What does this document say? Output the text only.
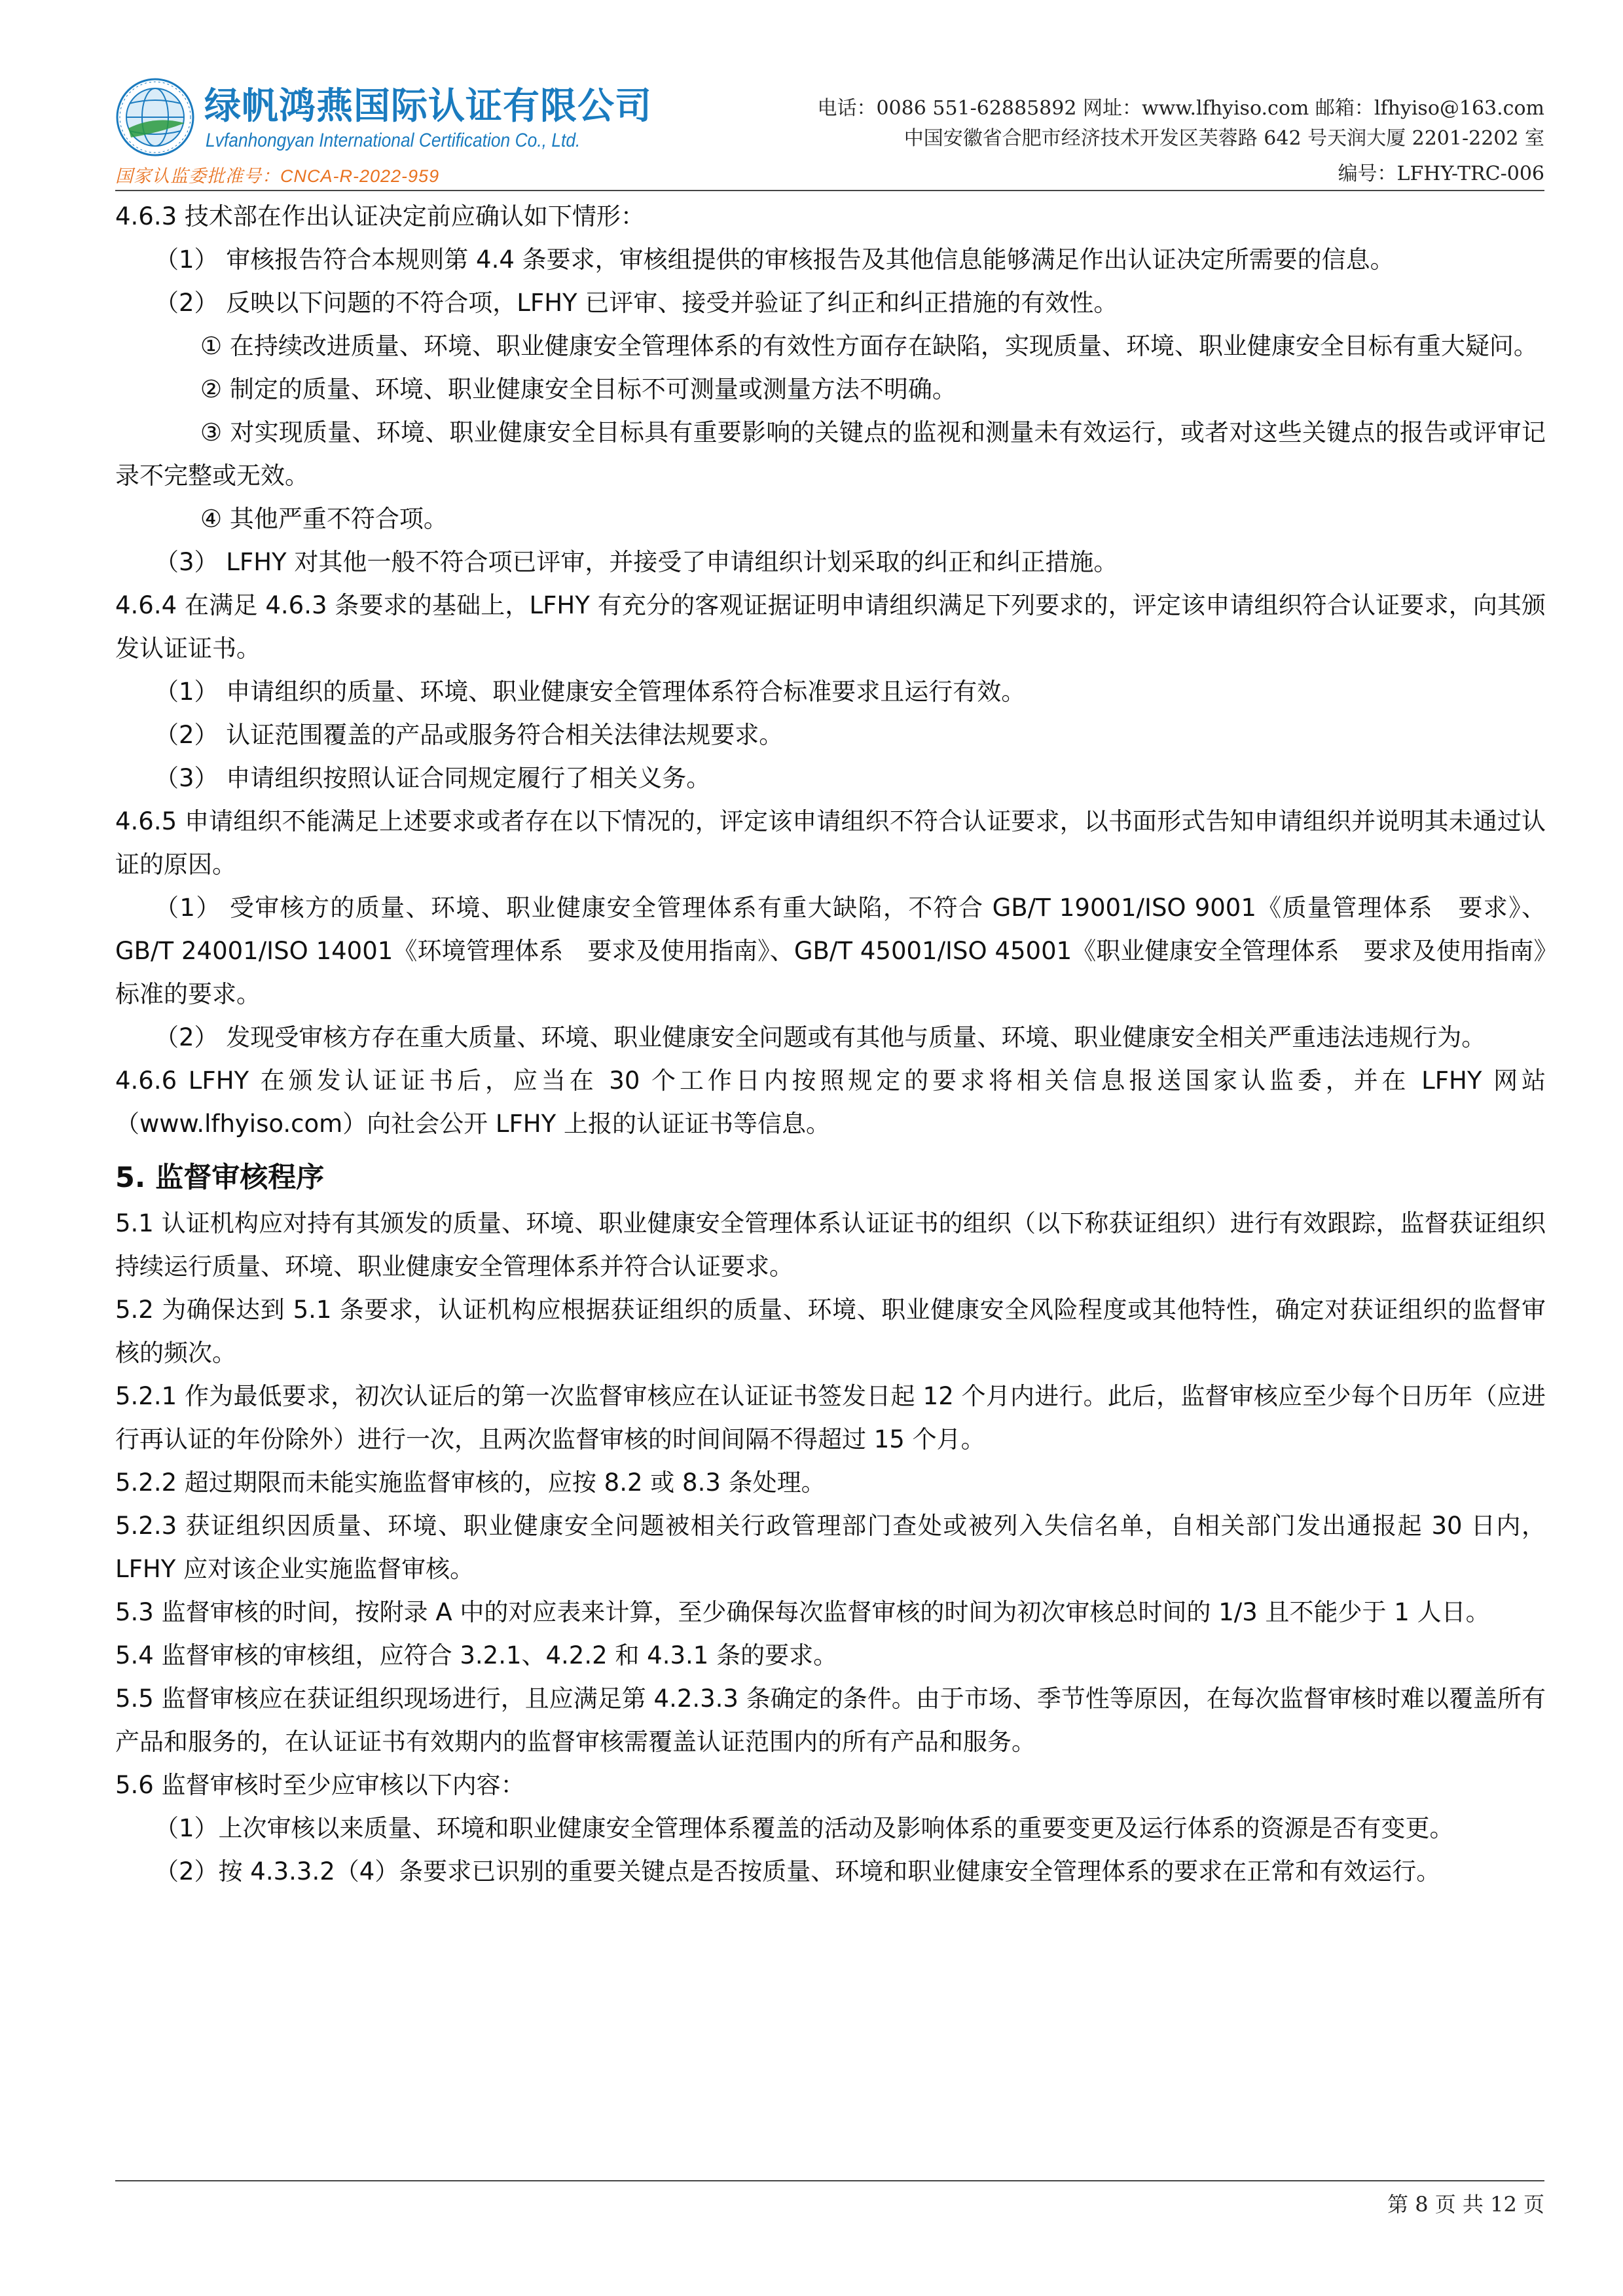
绿帆鸿燕国际认证有限公司
Lvfanhongyan International Certification Co., Ltd.
国家认监委批准号：CNCA-R-2022-959
电话：0086 551-62885892 网址：www.lfhyiso.com 邮箱：lfhyiso@163.com
中国安徽省合肥市经济技术开发区芙蓉路 642 号天润大厦 2201-2202 室
编号：LFHY-TRC-006

4.6.3 技术部在作出认证决定前应确认如下情形：

（1） 审核报告符合本规则第 4.4 条要求，审核组提供的审核报告及其他信息能够满足作出认证决定所需要的信息。

（2） 反映以下问题的不符合项，LFHY 已评审、接受并验证了纠正和纠正措施的有效性。

① 在持续改进质量、环境、职业健康安全管理体系的有效性方面存在缺陷，实现质量、环境、职业健康安全目标有重大疑问。

② 制定的质量、环境、职业健康安全目标不可测量或测量方法不明确。

③ 对实现质量、环境、职业健康安全目标具有重要影响的关键点的监视和测量未有效运行，或者对这些关键点的报告或评审记录不完整或无效。

④ 其他严重不符合项。

（3） LFHY 对其他一般不符合项已评审，并接受了申请组织计划采取的纠正和纠正措施。

4.6.4 在满足 4.6.3 条要求的基础上，LFHY 有充分的客观证据证明申请组织满足下列要求的，评定该申请组织符合认证要求，向其颁发认证证书。

（1） 申请组织的质量、环境、职业健康安全管理体系符合标准要求且运行有效。

（2） 认证范围覆盖的产品或服务符合相关法律法规要求。

（3） 申请组织按照认证合同规定履行了相关义务。

4.6.5 申请组织不能满足上述要求或者存在以下情况的，评定该申请组织不符合认证要求，以书面形式告知申请组织并说明其未通过认证的原因。

（1） 受审核方的质量、环境、职业健康安全管理体系有重大缺陷，不符合 GB/T 19001/ISO 9001《质量管理体系　要求》、GB/T 24001/ISO 14001《环境管理体系　要求及使用指南》、GB/T 45001/ISO 45001《职业健康安全管理体系　要求及使用指南》标准的要求。

（2） 发现受审核方存在重大质量、环境、职业健康安全问题或有其他与质量、环境、职业健康安全相关严重违法违规行为。

4.6.6 LFHY 在颁发认证证书后，应当在 30 个工作日内按照规定的要求将相关信息报送国家认监委，并在 LFHY 网站（www.lfhyiso.com）向社会公开 LFHY 上报的认证证书等信息。

5. 监督审核程序

5.1 认证机构应对持有其颁发的质量、环境、职业健康安全管理体系认证证书的组织（以下称获证组织）进行有效跟踪，监督获证组织持续运行质量、环境、职业健康安全管理体系并符合认证要求。

5.2 为确保达到 5.1 条要求，认证机构应根据获证组织的质量、环境、职业健康安全风险程度或其他特性，确定对获证组织的监督审核的频次。

5.2.1 作为最低要求，初次认证后的第一次监督审核应在认证证书签发日起 12 个月内进行。此后，监督审核应至少每个日历年（应进行再认证的年份除外）进行一次，且两次监督审核的时间间隔不得超过 15 个月。

5.2.2 超过期限而未能实施监督审核的，应按 8.2 或 8.3 条处理。

5.2.3 获证组织因质量、环境、职业健康安全问题被相关行政管理部门查处或被列入失信名单，自相关部门发出通报起 30 日内，LFHY 应对该企业实施监督审核。

5.3 监督审核的时间，按附录 A 中的对应表来计算，至少确保每次监督审核的时间为初次审核总时间的 1/3 且不能少于 1 人日。

5.4 监督审核的审核组，应符合 3.2.1、4.2.2 和 4.3.1 条的要求。

5.5 监督审核应在获证组织现场进行，且应满足第 4.2.3.3 条确定的条件。由于市场、季节性等原因，在每次监督审核时难以覆盖所有产品和服务的，在认证证书有效期内的监督审核需覆盖认证范围内的所有产品和服务。

5.6 监督审核时至少应审核以下内容：

（1）上次审核以来质量、环境和职业健康安全管理体系覆盖的活动及影响体系的重要变更及运行体系的资源是否有变更。

（2）按 4.3.3.2（4）条要求已识别的重要关键点是否按质量、环境和职业健康安全管理体系的要求在正常和有效运行。

第 8 页 共 12 页
